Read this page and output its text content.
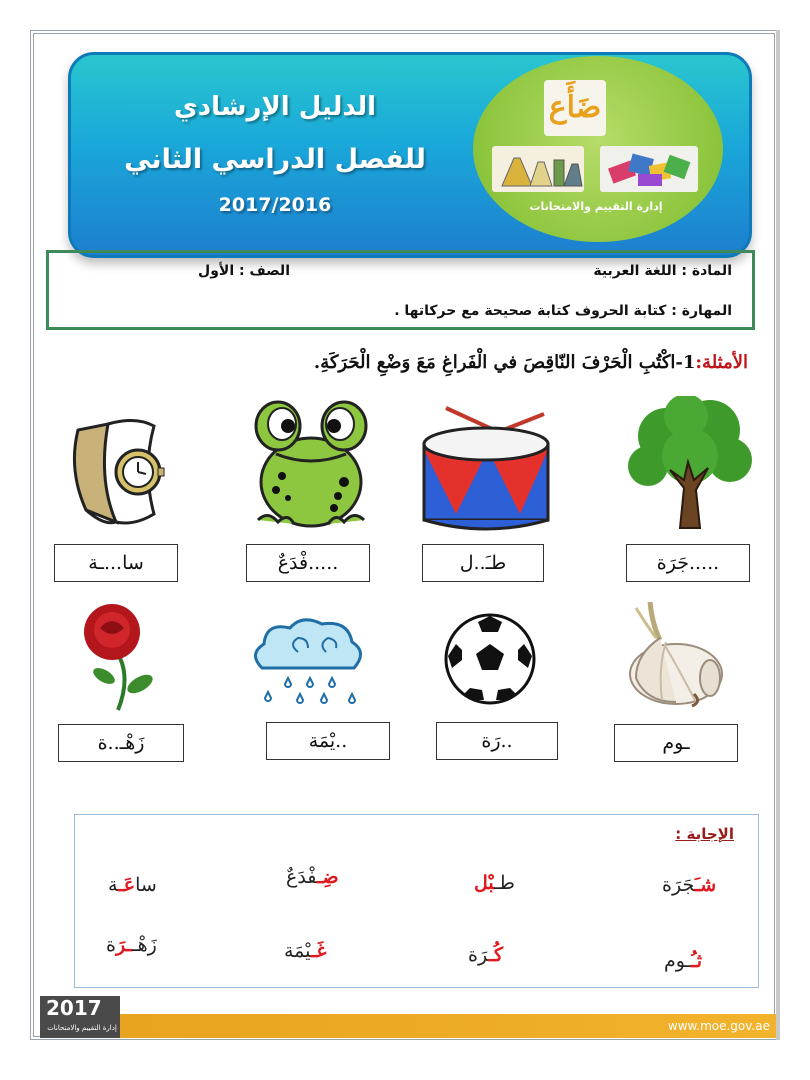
ضَأَع
إدارة التقييم والامتحانات
الدليل الإرشادي
للفصل الدراسي الثاني
2017/2016
المادة : اللغة العربية
الصف : الأول
المهارة : كتابة الحروف كتابة صحيحة مع حركاتها .
الأمثلة:1-اكْتُبِ الْحَرْفَ النّاقِصَ في الْفَراغِ مَعَ وَضْعِ الْحَرَكَةِ.
سا...ـة	.....فْدَعٌ	طـَ..ل	.....جَرَة
زَهْـ..ة	..يْمَة	..رَة	ـوم
الإجابة :
شـَجَرَة
طـبْل
ضِـفْدَعٌ
ساعَـة
ثـُـوم
كُـرَة
غَـيْمَة
زَهْــرَة
2017
إدارة التقييم والامتحانات	www.moe.gov.ae
